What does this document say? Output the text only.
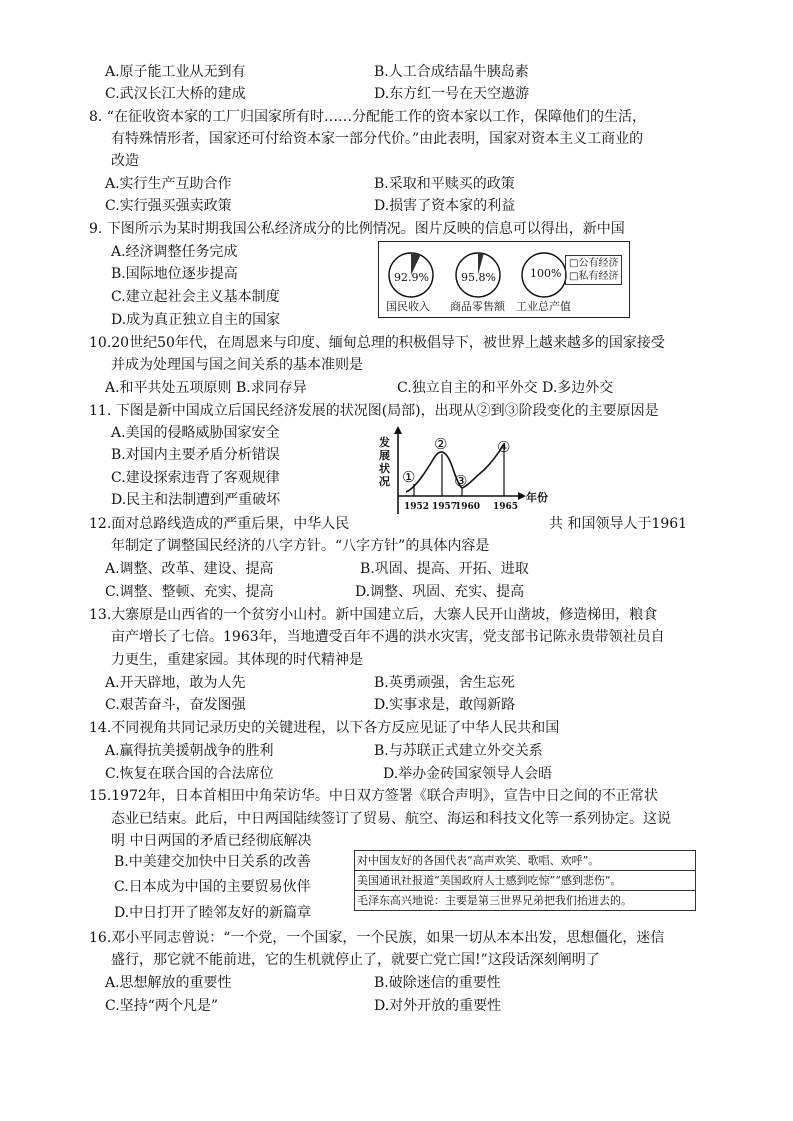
A.原子能工业从无到有	B.人工合成结晶牛胰岛素
C.武汉长江大桥的建成	D.东方红一号在天空遨游
8. “在征收资本家的工厂归国家所有时……分配能工作的资本家以工作，保障他们的生活，
有特殊情形者，国家还可付给资本家一部分代价。”由此表明，国家对资本主义工商业的
改造
A.实行生产互助合作	B.采取和平赎买的政策
C.实行强买强卖政策	D.损害了资本家的利益
9. 下图所示为某时期我国公私经济成分的比例情况。图片反映的信息可以得出，新中国
A.经济调整任务完成
B.国际地位逐步提高
C.建立起社会主义基本制度
D.成为真正独立自主的国家
10.20世纪50年代，在周恩来与印度、缅甸总理的积极倡导下，被世界上越来越多的国家接受
并成为处理国与国之间关系的基本准则是
A.和平共处五项原则 B.求同存异	C.独立自主的和平外交 D.多边外交
11. 下图是新中国成立后国民经济发展的状况图(局部)，出现从②到③阶段变化的主要原因是
A.美国的侵略威胁国家安全
B.对国内主要矛盾分析错误
C.建设探索违背了客观规律
D.民主和法制遭到严重破坏
12.面对总路线造成的严重后果，中华人民	共 和国领导人于1961
年制定了调整国民经济的八字方针。“八字方针”的具体内容是
A.调整、改革、建设、提高	B.巩固、提高、开拓、进取
C.调整、整顿、充实、提高	D.调整、巩固、充实、提高
13.大寨原是山西省的一个贫穷小山村。新中国建立后，大寨人民开山凿坡，修造梯田，粮食
亩产增长了七倍。1963年，当地遭受百年不遇的洪水灾害，党支部书记陈永贵带领社员自
力更生，重建家园。其体现的时代精神是
A.开天辟地，敢为人先	B.英勇顽强，舍生忘死
C.艰苦奋斗，奋发图强	D.实事求是，敢闯新路
14.不同视角共同记录历史的关键进程，以下各方反应见证了中华人民共和国
A.赢得抗美援朝战争的胜利	B.与苏联正式建立外交关系
C.恢复在联合国的合法席位	D.举办金砖国家领导人会晤
15.1972年，日本首相田中角荣访华。中日双方签署《联合声明》，宣告中日之间的不正常状
态业已结束。此后，中日两国陆续签订了贸易、航空、海运和科技文化等一系列协定。这说
明 中日两国的矛盾已经彻底解决
B.中美建交加快中日关系的改善
C.日本成为中国的主要贸易伙伴
D.中日打开了睦邻友好的新篇章
16.邓小平同志曾说：“一个党，一个国家，一个民族，如果一切从本本出发，思想僵化，迷信
盛行，那它就不能前进，它的生机就停止了，就要亡党亡国!”这段话深刻阐明了
A.思想解放的重要性	B.破除迷信的重要性
C.坚持“两个凡是”	D.对外开放的重要性
92.9%	95.8%	100%
国民收入 商品零售额 工业总产值
□公有经济
□私有经济
发展状况
年份
①
②
③
④
1952 1957
1960 1965
对中国友好的各国代表“高声欢笑、歌唱、欢呼”。
美国通讯社报道“美国政府人士感到吃惊”“感到悲伤”。
毛泽东高兴地说：主要是第三世界兄弟把我们抬进去的。
